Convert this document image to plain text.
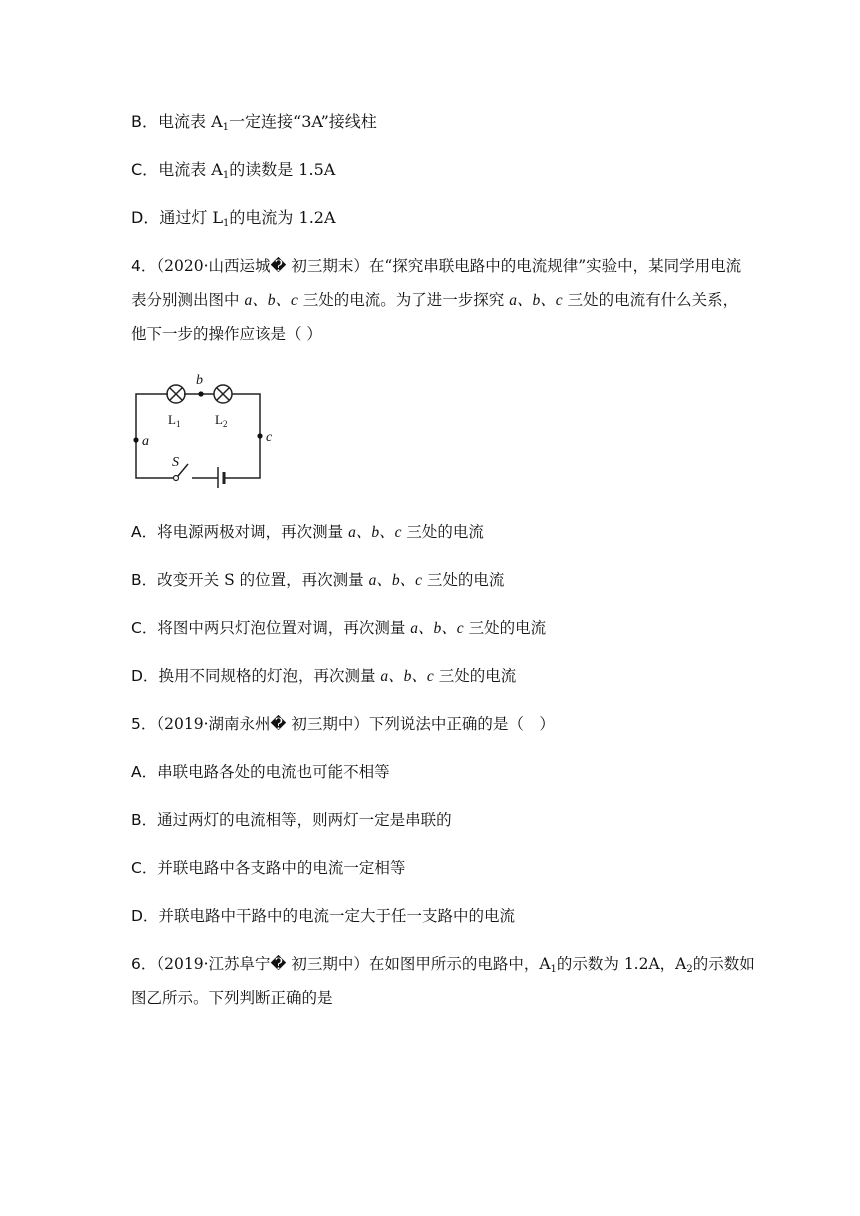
B．电流表 $A_1$一定连接“3A”接线柱
C．电流表 $A_1$的读数是 1.5A
D．通过灯 $L_1$的电流为 1.2A
4．（2020·山西运城� 初三期末）在“探究串联电路中的电流规律”实验中，某同学用电流
表分别测出图中 a、b、c 三处的电流。为了进一步探究 a、b、c 三处的电流有什么关系，
他下一步的操作应该是（ ）
b
a	c
S
$L_1$	$L_2$
A．将电源两极对调，再次测量 a、b、c 三处的电流
B．改变开关 S 的位置，再次测量 a、b、c 三处的电流
C．将图中两只灯泡位置对调，再次测量 a、b、c 三处的电流
D．换用不同规格的灯泡，再次测量 a、b、c 三处的电流
5．（2019·湖南永州� 初三期中）下列说法中正确的是（　）
A．串联电路各处的电流也可能不相等
B．通过两灯的电流相等，则两灯一定是串联的
C．并联电路中各支路中的电流一定相等
D．并联电路中干路中的电流一定大于任一支路中的电流
6．（2019·江苏阜宁� 初三期中）在如图甲所示的电路中，$A_1$的示数为 1.2A，$A_2$的示数如
图乙所示。下列判断正确的是
